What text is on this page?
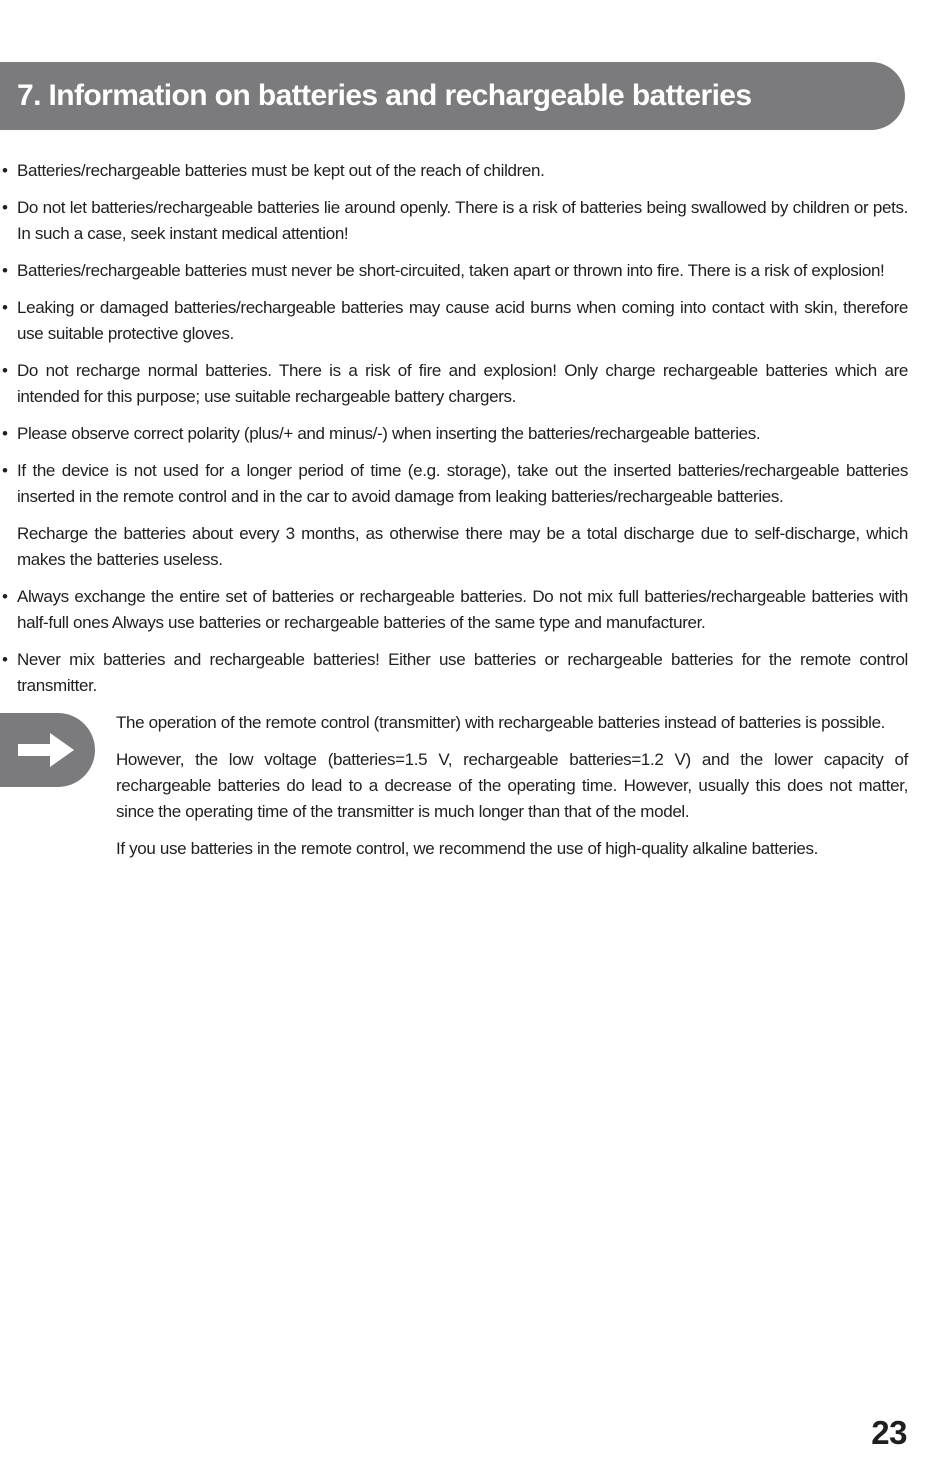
7. Information on batteries and rechargeable batteries
• Batteries/rechargeable batteries must be kept out of the reach of children.
• Do not let batteries/rechargeable batteries lie around openly. There is a risk of batteries being swallowed by children or pets. In such a case, seek instant medical attention!
• Batteries/rechargeable batteries must never be short-circuited, taken apart or thrown into fire. There is a risk of explosion!
• Leaking or damaged batteries/rechargeable batteries may cause acid burns when coming into contact with skin, therefore use suitable protective gloves.
• Do not recharge normal batteries. There is a risk of fire and explosion! Only charge rechargeable batteries which are intended for this purpose; use suitable rechargeable battery chargers.
• Please observe correct polarity (plus/+ and minus/-) when inserting the batteries/rechargeable batteries.
• If the device is not used for a longer period of time (e.g. storage), take out the inserted batteries/rechargeable batteries inserted in the remote control and in the car to avoid damage from leaking batteries/rechargeable batteries.

Recharge the batteries about every 3 months, as otherwise there may be a total discharge due to self-discharge, which makes the batteries useless.

• Always exchange the entire set of batteries or rechargeable batteries. Do not mix full batteries/rechargeable batteries with half-full ones Always use batteries or rechargeable batteries of the same type and manufacturer.
• Never mix batteries and rechargeable batteries! Either use batteries or rechargeable batteries for the remote control transmitter.

The operation of the remote control (transmitter) with rechargeable batteries instead of batteries is possible.

However, the low voltage (batteries=1.5 V, rechargeable batteries=1.2 V) and the lower capacity of rechargeable batteries do lead to a decrease of the operating time. However, usually this does not matter, since the operating time of the transmitter is much longer than that of the model.

If you use batteries in the remote control, we recommend the use of high-quality alkaline batteries.

23
